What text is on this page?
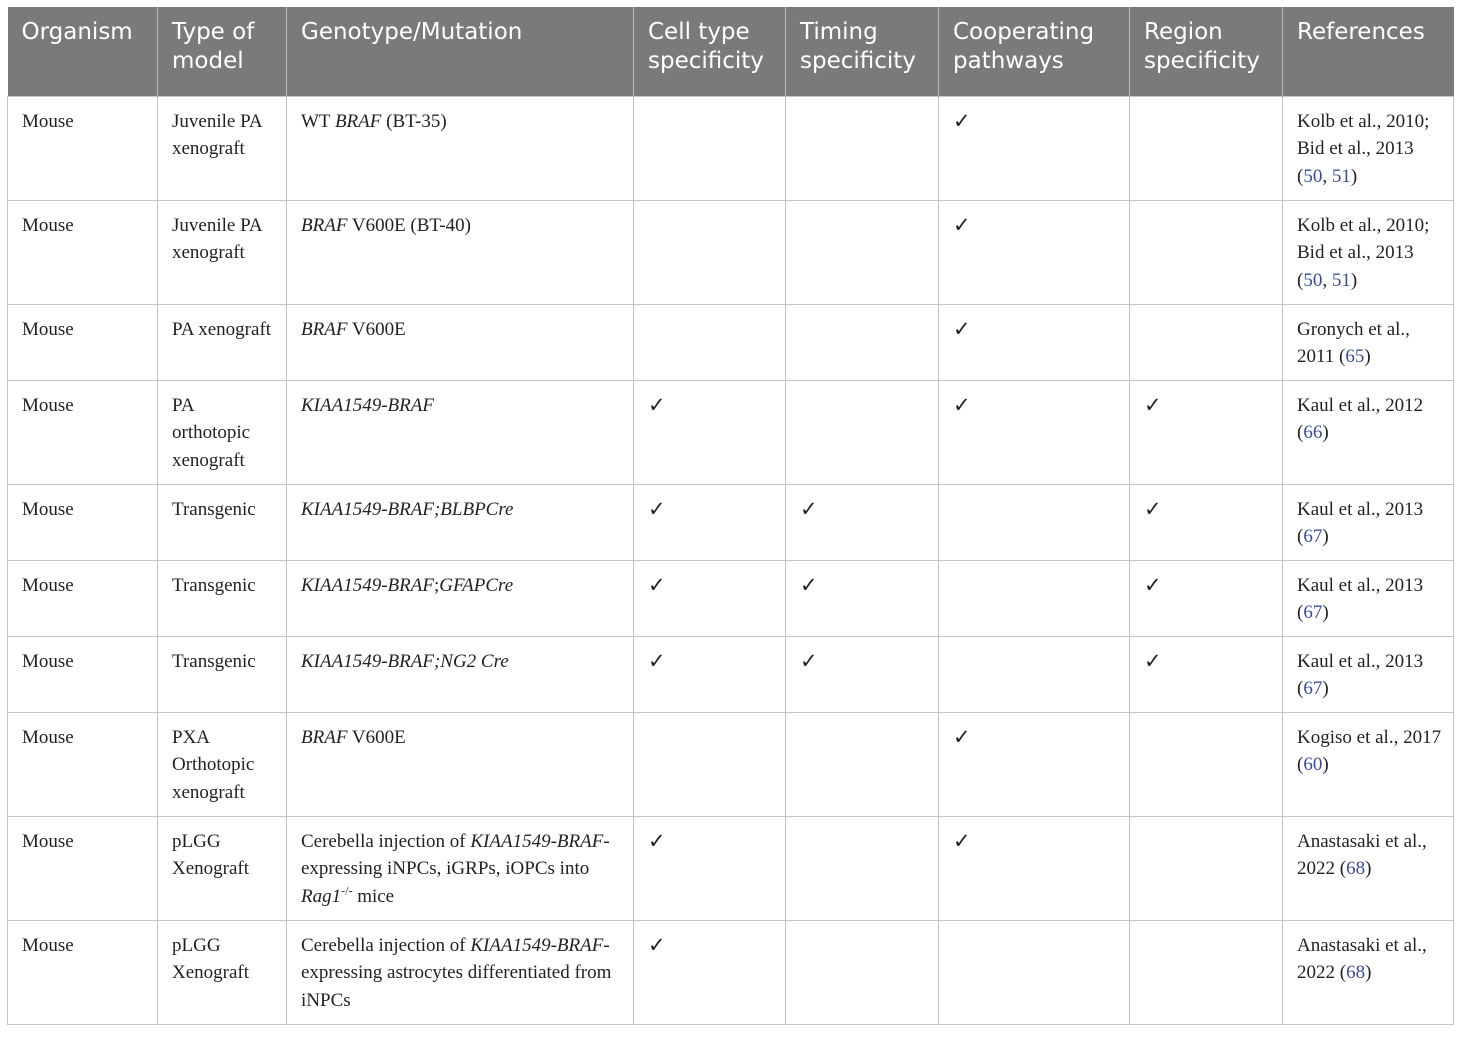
Organism	Type of model	Genotype/Mutation	Cell type specificity	Timing specificity	Cooperating pathways	Region specificity	References
Mouse	Juvenile PA xenograft	WT BRAF (BT-35)			✓		Kolb et al., 2010; Bid et al., 2013 (50, 51)
Mouse	Juvenile PA xenograft	BRAF V600E (BT-40)			✓		Kolb et al., 2010; Bid et al., 2013 (50, 51)
Mouse	PA xenograft	BRAF V600E			✓		Gronych et al., 2011 (65)
Mouse	PA orthotopic xenograft	KIAA1549-BRAF	✓		✓	✓	Kaul et al., 2012 (66)
Mouse	Transgenic	KIAA1549-BRAF;BLBPCre	✓	✓		✓	Kaul et al., 2013 (67)
Mouse	Transgenic	KIAA1549-BRAF;GFAPCre	✓	✓		✓	Kaul et al., 2013 (67)
Mouse	Transgenic	KIAA1549-BRAF;NG2 Cre	✓	✓		✓	Kaul et al., 2013 (67)
Mouse	PXA Orthotopic xenograft	BRAF V600E			✓		Kogiso et al., 2017 (60)
Mouse	pLGG Xenograft	Cerebella injection of KIAA1549-BRAF-expressing iNPCs, iGRPs, iOPCs into Rag1-/- mice	✓		✓		Anastasaki et al., 2022 (68)
Mouse	pLGG Xenograft	Cerebella injection of KIAA1549-BRAF-expressing astrocytes differentiated from iNPCs	✓				Anastasaki et al., 2022 (68)
